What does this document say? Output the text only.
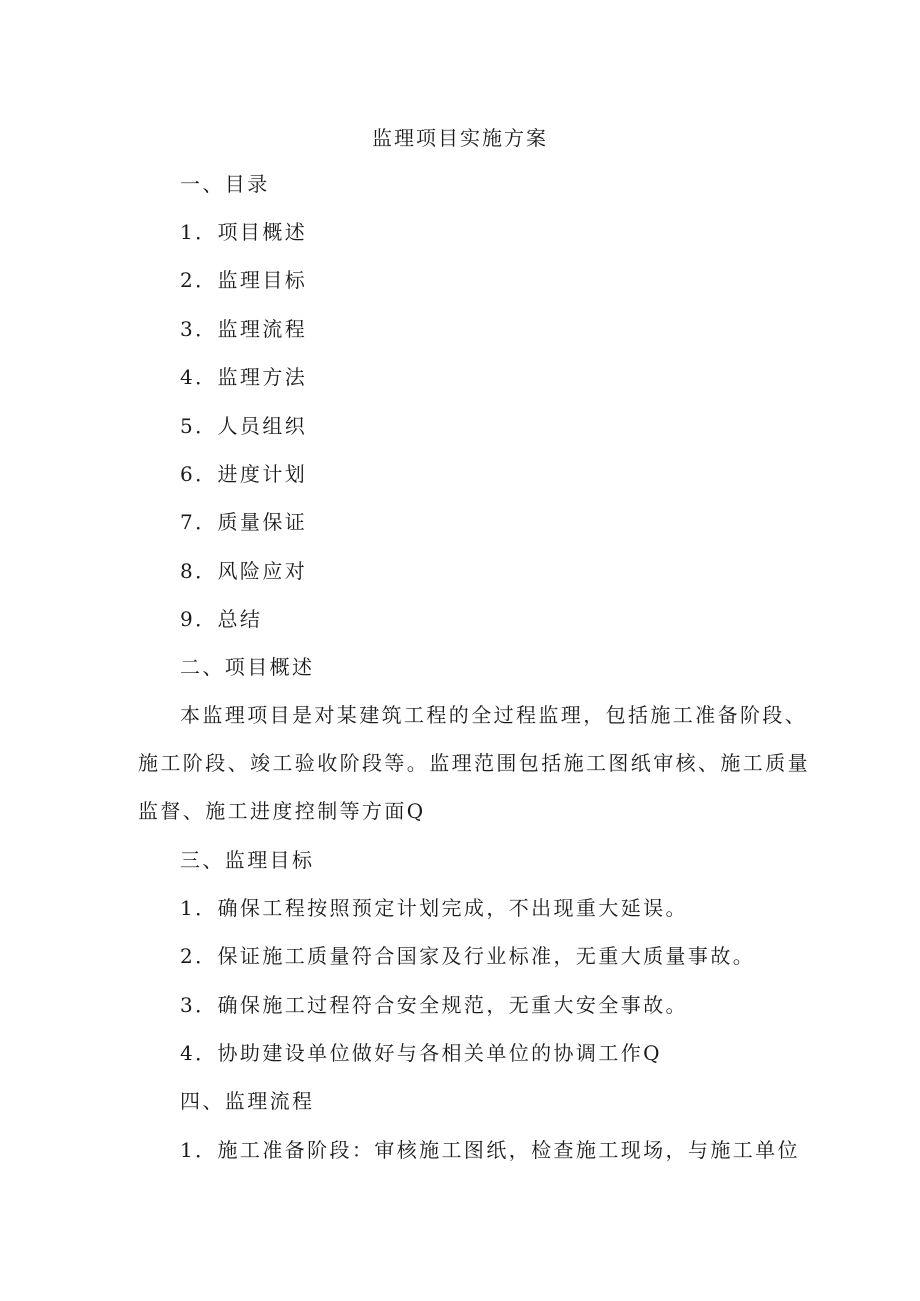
监理项目实施方案
一、目录
1．项目概述
2．监理目标
3．监理流程
4．监理方法
5．人员组织
6．进度计划
7．质量保证
8．风险应对
9．总结
二、项目概述
本监理项目是对某建筑工程的全过程监理，包括施工准备阶段、
施工阶段、竣工验收阶段等。监理范围包括施工图纸审核、施工质量
监督、施工进度控制等方面Q
三、监理目标
1．确保工程按照预定计划完成，不出现重大延误。
2．保证施工质量符合国家及行业标准，无重大质量事故。
3．确保施工过程符合安全规范，无重大安全事故。
4．协助建设单位做好与各相关单位的协调工作Q
四、监理流程
1．施工准备阶段：审核施工图纸，检查施工现场，与施工单位
